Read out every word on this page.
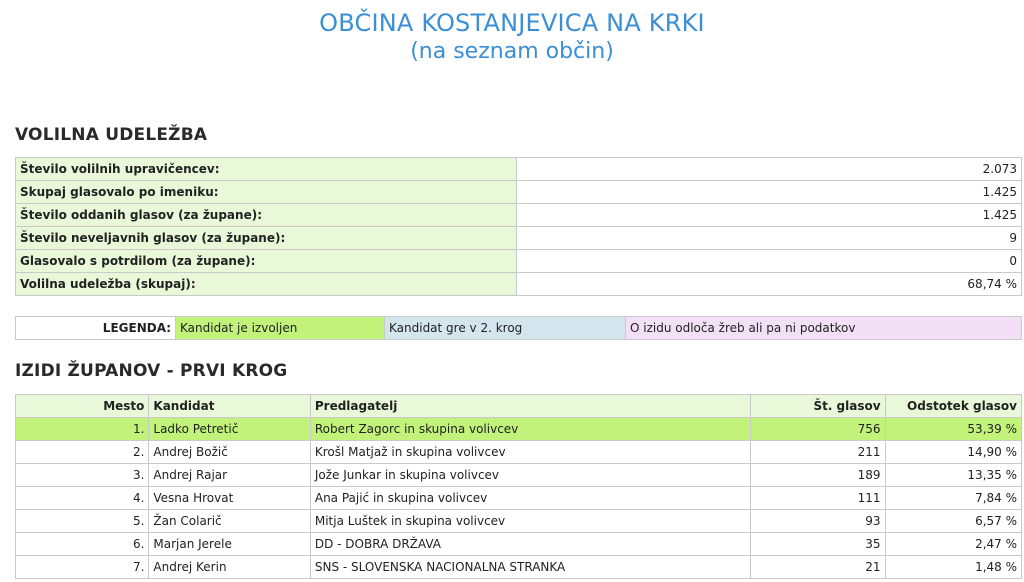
OBČINA KOSTANJEVICA NA KRKI
(na seznam občin)
VOLILNA UDELEŽBA
Število volilnih upravičencev:	2.073
Skupaj glasovalo po imeniku:	1.425
Število oddanih glasov (za župane):	1.425
Število neveljavnih glasov (za župane):	9
Glasovalo s potrdilom (za župane):	0
Volilna udeležba (skupaj):	68,74 %
LEGENDA:	Kandidat je izvoljen	Kandidat gre v 2. krog	O izidu odloča žreb ali pa ni podatkov
IZIDI ŽUPANOV - PRVI KROG
Mesto	Kandidat	Predlagatelj	Št. glasov	Odstotek glasov
1.	Ladko Petretič	Robert Zagorc in skupina volivcev	756	53,39 %
2.	Andrej Božič	Krošl Matjaž in skupina volivcev	211	14,90 %
3.	Andrej Rajar	Jože Junkar in skupina volivcev	189	13,35 %
4.	Vesna Hrovat	Ana Pajić in skupina volivcev	111	7,84 %
5.	Žan Colarič	Mitja Luštek in skupina volivcev	93	6,57 %
6.	Marjan Jerele	DD - DOBRA DRŽAVA	35	2,47 %
7.	Andrej Kerin	SNS - SLOVENSKA NACIONALNA STRANKA	21	1,48 %
